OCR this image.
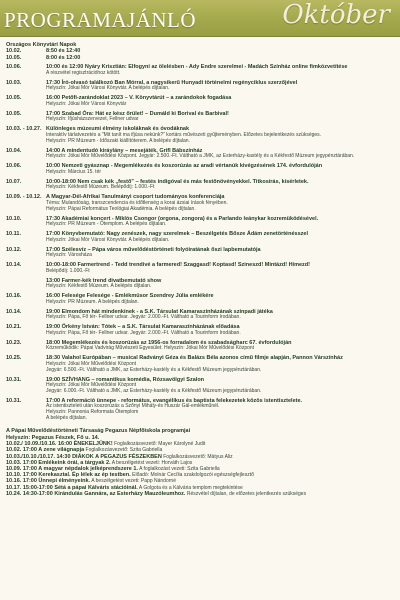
PROGRAMAJÁNLÓ	Október
Országos Könyvtári Napok
10.02.	8:50 és 12:40
10.05.	8:00 és 12:00
10.06.	10:00 és 12:00 Nyáry Krisztián: Elfogyni az ölelésben - Ady Endre szerelmei - Madách Színház online fimkózvetítése
A részvétel regisztrációhoz kötött.
10.03.	17:30 Író-olvasó találkozó Ban Mórral, a nagysikerű Hunyadi történelmi regényciklus szerzőjével
Helyszín: Jókai Mór Városi Könyvtár. A belépés díjtalan.
10.05.	16:00 Petőfi-zarándoklat 2023 – V. Könyvtárút – a zarándokok fogadása
Helyszín: Jókai Mór Városi Könyvtár
10.05.	17:00 Szabad Óra: Hát ez kész őrület! – Dumáld ki Borival és Barbival!
Helyszín: Ifjúsházszervezet, Fellner udvar
10.03. - 10.27. Különleges múzeumi élmény iskoláknak és óvodáknak
Interaktív tárlatvezetés a "Mit tanít ma ifjúsa nekünk?" kortárs művészeti gyűjteményben. Előzetes bejelentkezés szükséges.
Helyszín: PR Múzeum - Időszaki kiállítóterem. A belépés díjtalan.
10.04.	14:00 A mindentudó kiráylány – mesejáték, Grifl Bábszínház
Helyszín: Jókai Mór Művelődési Központ. Jegyár: 2.500.-Ft. Váltható a JMK, az Esterházy-kastély és a Kékfestő Múzeum jegypénztárában.
10.06.	10:00 Nemzeti gyásznap - Megemlékezés és koszorúzás az aradi vértanúk kivégzésének 174. évfordulóján
Helyszín: Március 15. tér
10.07.	10:00-18:00 Nem csak kék „festő” – festés indigóval és más festőnövényekkel. Titkosírás, kísérletek.
Helyszín: Kékfestő Múzeum. Belépődíj: 1.000.-Ft
10.09. - 10.12. A Magyar-Dél-Afrikai Tanulmányi csoport tudományos konferenciája
Téma: Mulandóság, transzcendencia és időtlenség a korai ázsiai írások fényében.
Helyszín: Pápai Református Teológiai Akadémia. A belépés díjtalan.
10.10.	17:30 Akadémiai koncert - Miklós Csongor (orgona, zongora) és a Parlando leánykar kozremüködésével.
Helyszín: PR Múzeum - Ötemplom. A belépés díjtalan.
10.11.	17:00 Könyvbemutató: Nagy zenészek, nagy szerelmek – Beszélgetés Bősze Ádám zenetörténésszel
Helyszín: Jókai Mór Városi Könyvtár. A belépés díjtalan.
10.12.	17:00 Szélesvíz – Pápa város művelődéstörténeti folyóiratának őszi lapbemutatója
Helyszín: Városháza
10.14.	10:00-18:00 Farmertrend - Tedd trendivé a farmered! Szaggasd! Koptasd! Szineszd! Mintázd! Hímezd!
Belépődíj: 1.000.-Ft
13:00 Farmer-kék trend divatbemutató show
Helyszín: Kékfestő Múzeum. A belépés díjtalan.
10.16.	16:00 Felesége Felesége - Emlékmüsor Szendrey Júlia emlékére
Helyszín: PR Múzeum. A belépés díjtalan.
10.14.	19:00 Elmondom hát mindenkinek - a S.K. Társulat Kamaraszínházának szinpadi játéka
Helyszín: Pápa, Fő tér- Fellner udvar. Jegyár: 2.000.-Ft. Váltható a Tourinform Irodában.
10.21.	19:00 Örkény István: Tótek – a S.K. Társulat Kamaraszínházának előadása
Helyszín: Pápa, Fő tér- Fellner udvar. Jegyár: 2.000.-Ft. Váltható a Tourinform Irodában.
10.23.	18:00 Megemlékezés és koszorúzás az 1956-os forradalom és szabadságharc 67. évfordulóján
Közreműködik: Pápai Vadvirág Művészeti Egyesület. Helyszín: Jókai Mór Művelődési Központ
10.25.	18:30 Valahol Európában – musical Radványi Géza és Balázs Béla azonos című filmje alapján, Pannon Várszínház
Helyszín: Jókai Mór Művelődési Központ
Jegyár: 6.500.-Ft. Váltható a JMK, az Esterházy-kastély és a Kékfestő Múzeum jegypénztárában.
10.31.	19:00 SZÍVHANG – romantikus komédia, Rózsavölgyi Szalon
Helyszín: Jókai Mór Művelődési Központ
Jegyár: 6.000.-Ft. Váltható a JMK, az Esterházy-kastély és a Kékfestő Múzeum jegypénztárában.
10.31.	17:00 A reformáció ünnepe - református, evangélikus és baptista felekezetek közös istentisztelete.
Az istentiszteleti után koszorúzás a Szőnyi Mihály-és Huszár Gál-emlékműnél.
Helyszín: Pannonia Reformata Ötemplom
A belépés díjtalan.
A Pápai Művelődéstörténeti Társaság Pegazus Népfőiskola programjai
Helyszín: Pegazus Fészek, Fő u. 14.
10.02./ 10.09./10.16. 16:00 ÉNEKELJÜNK! Foglalkozásvezető: Mayer Károlyné Judit
10.02. 17:00 A zene világnapja Foglalkozásvezető: Szita Gabriella
10.03./10.10./10.17. 14:30 DIÁKOK A PEGAZUS FÉSZEKBEN Foglalkozásvezető: Mátyus Aliz
10.03. 17:00 Emlékeink órái, a tárgyak 2. A beszélgetést vezeti: Horváth Lajos
10.09. 17:00 A magyar népdalok jelképrendszere 1. A foglalkozást vezeti: Szita Gabriella
10.10. 17:00 Kerekasztal. Ép lélek az ép testben. Előadó: Molnár Cecília szakdolgozói egészségfejlesztő
10.16. 17:00 Ünnepi élményeink. A beszélgetést vezeti: Papp Nándorné
10.17. 15:00-17:00 Sétá a pápai Kálváris stációinál. A Golgota és a Kálvária templom megtekintése
10.24. 14:30-17:00 Kirándulás Gannára, az Esterházy Mauzóleumhoz. Részvétel díjtalan, de előzetes jelentkezés szükséges
